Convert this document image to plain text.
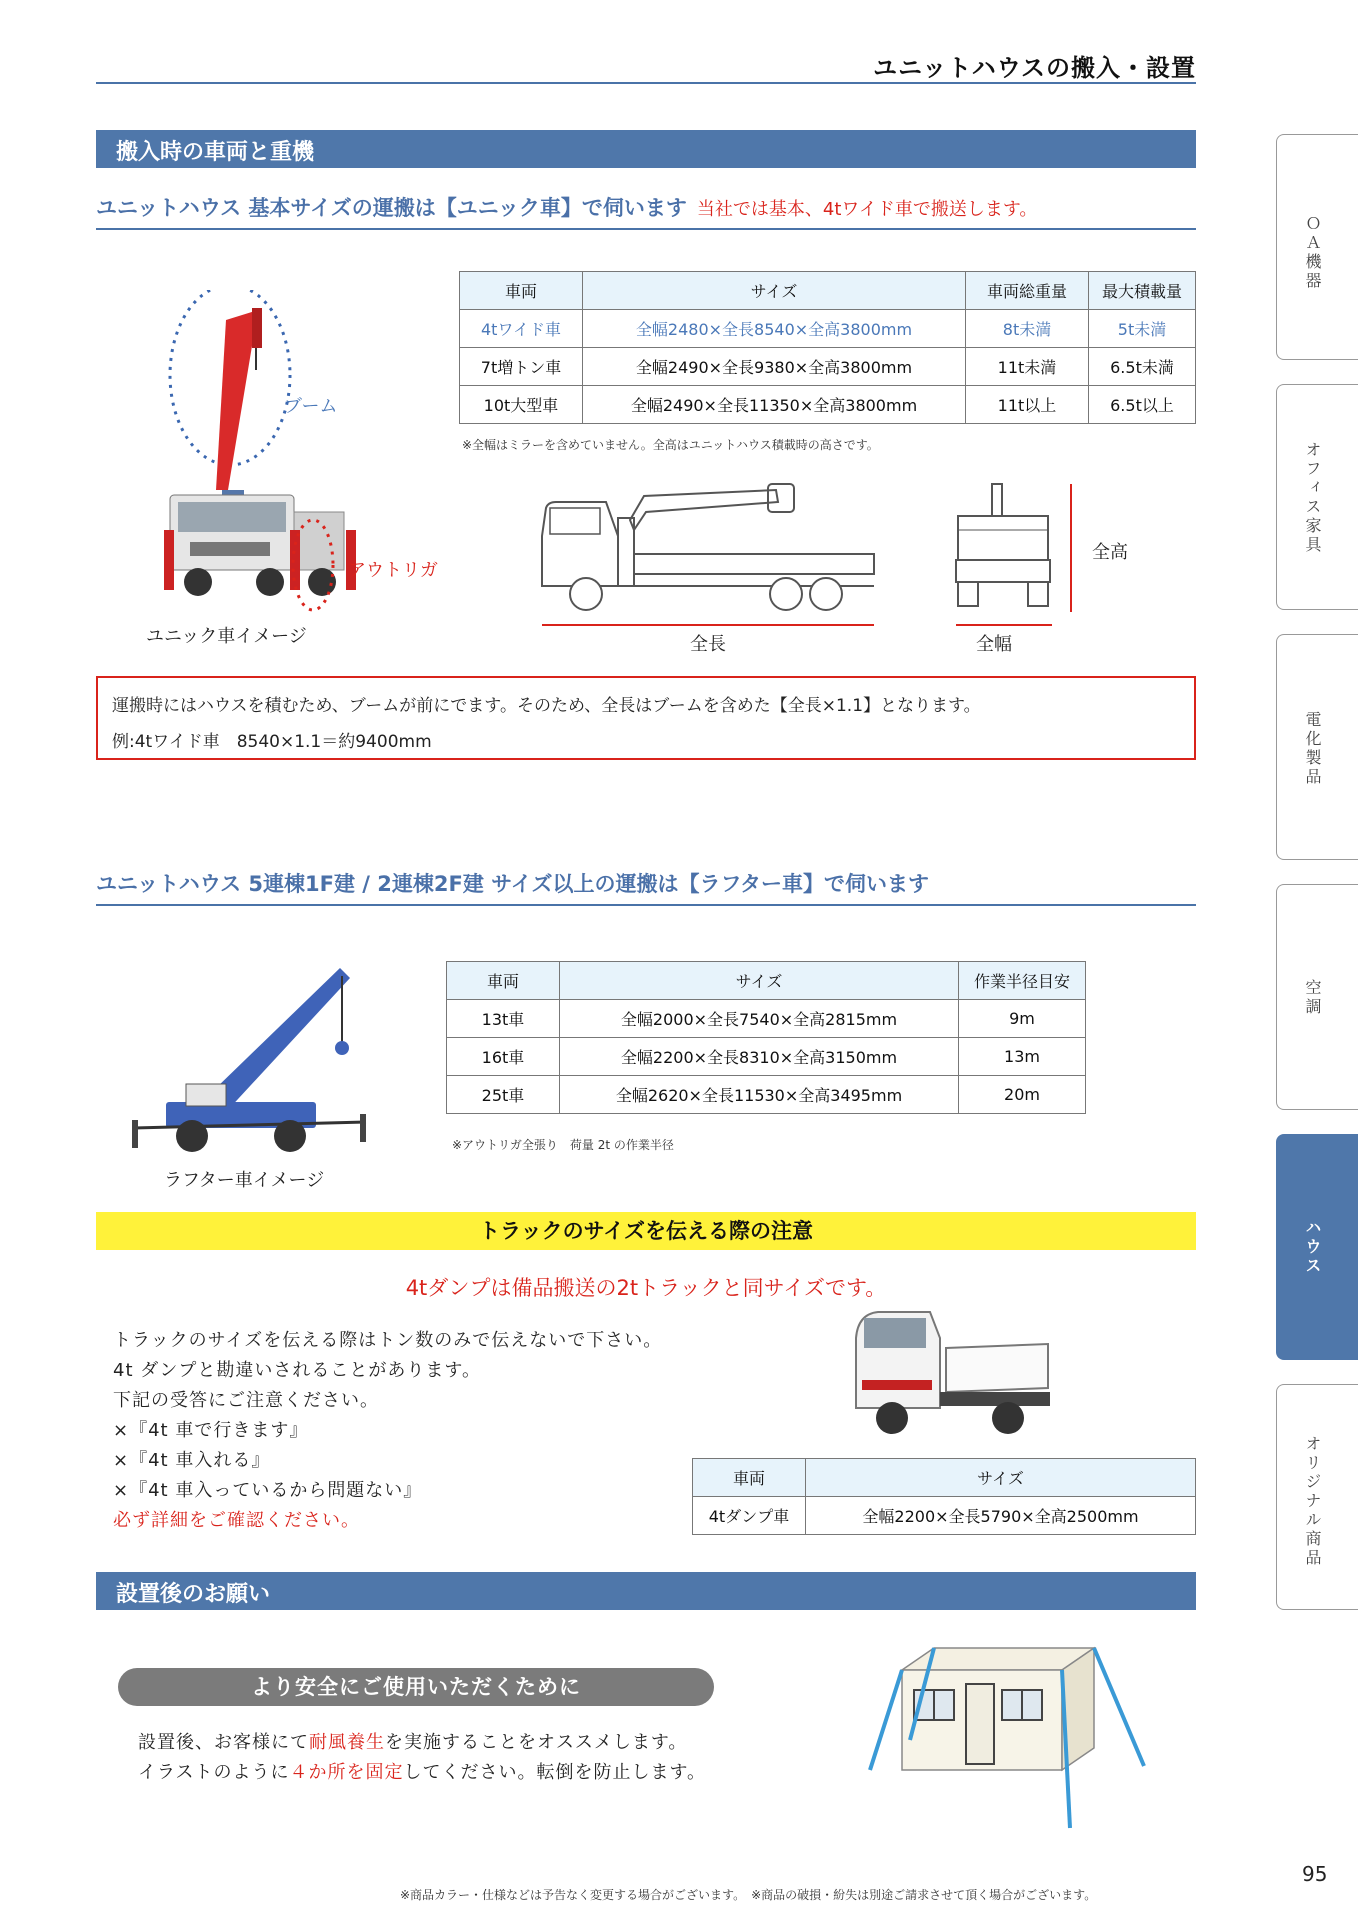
ユニットハウスの搬入・設置
搬入時の車両と重機
ユニットハウス 基本サイズの運搬は【ユニック車】で伺います 当社では基本、4tワイド車で搬送します。
ブーム
アウトリガ
ユニック車イメージ
車両	サイズ	車両総重量	最大積載量
4tワイド車	全幅2480×全長8540×全高3800mm	8t未満	5t未満
7t増トン車	全幅2490×全長9380×全高3800mm	11t未満	6.5t未満
10t大型車	全幅2490×全長11350×全高3800mm	11t以上	6.5t以上
※全幅はミラーを含めていません。全高はユニットハウス積載時の高さです。
全長
全高
全幅
運搬時にはハウスを積むため、ブームが前にでます。そのため、全長はブームを含めた【全長×1.1】となります。
例:4tワイド車　8540×1.1＝約9400mm
ユニットハウス 5連棟1F建 / 2連棟2F建 サイズ以上の運搬は【ラフター車】で伺います
ラフター車イメージ
車両	サイズ	作業半径目安
13t車	全幅2000×全長7540×全高2815mm	9m
16t車	全幅2200×全長8310×全高3150mm	13m
25t車	全幅2620×全長11530×全高3495mm	20m
※アウトリガ全張り　荷量 2t の作業半径
トラックのサイズを伝える際の注意
4tダンプは備品搬送の2tトラックと同サイズです。
トラックのサイズを伝える際はトン数のみで伝えないで下さい。
4t ダンプと勘違いされることがあります。
下記の受答にご注意ください。
×『4t 車で行きます』
×『4t 車入れる』
×『4t 車入っているから問題ない』
必ず詳細をご確認ください。
車両	サイズ
4tダンプ車	全幅2200×全長5790×全高2500mm
設置後のお願い
より安全にご使用いただくために
設置後、お客様にて耐風養生を実施することをオススメします。
イラストのように４か所を固定してください。転倒を防止します。
ＯＡ機器
オフィス家具
電化製品
空調
ハウス
オリジナル商品
※商品カラー・仕様などは予告なく変更する場合がございます。　※商品の破損・紛失は別途ご請求させて頂く場合がございます。
95
